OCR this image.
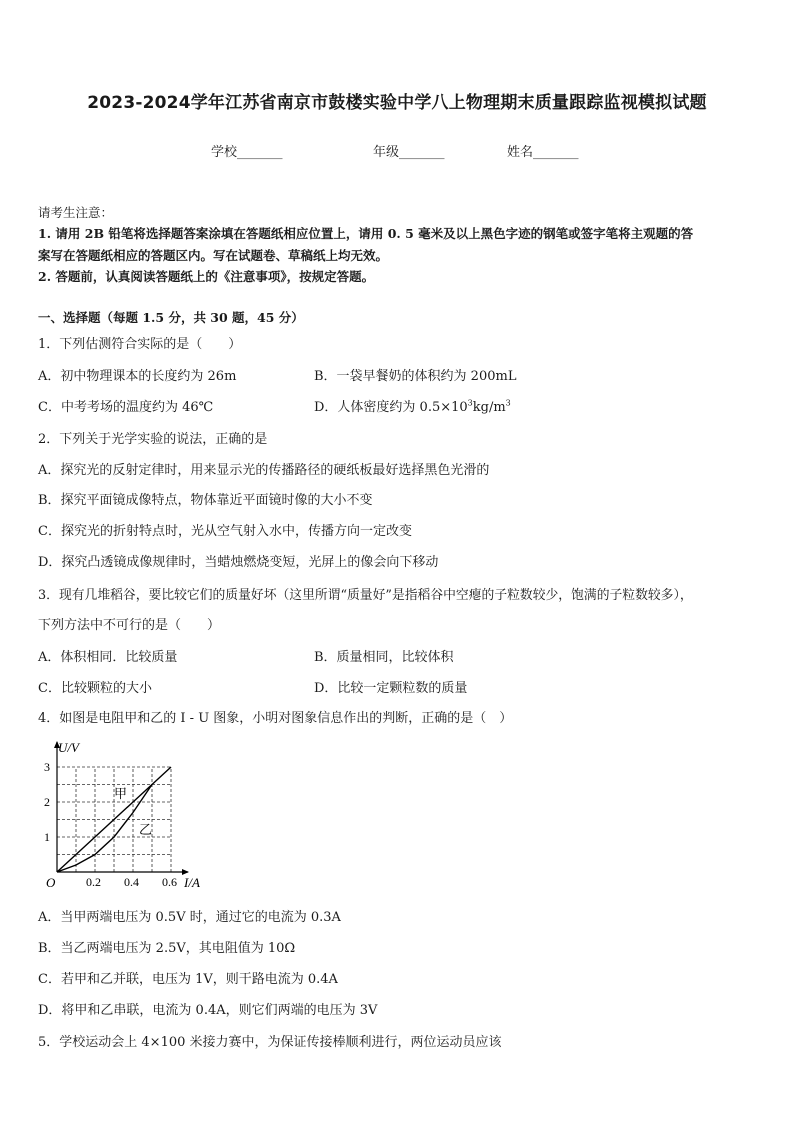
2023-2024学年江苏省南京市鼓楼实验中学八上物理期末质量跟踪监视模拟试题
学校_______	年级_______	姓名_______
请考生注意：
1. 请用 2B 铅笔将选择题答案涂填在答题纸相应位置上，请用 0. 5 毫米及以上黑色字迹的钢笔或签字笔将主观题的答
案写在答题纸相应的答题区内。写在试题卷、草稿纸上均无效。
2. 答题前，认真阅读答题纸上的《注意事项》，按规定答题。
一、选择题（每题 1.5 分，共 30 题，45 分）
1．下列估测符合实际的是（　　）
A．初中物理课本的长度约为 26m	B．一袋早餐奶的体积约为 200mL
C．中考考场的温度约为 46℃	D．人体密度约为 $0.5\times 10^3kg/m^3$
2．下列关于光学实验的说法，正确的是
A．探究光的反射定律时，用来显示光的传播路径的硬纸板最好选择黑色光滑的
B．探究平面镜成像特点，物体靠近平面镜时像的大小不变
C．探究光的折射特点时，光从空气射入水中，传播方向一定改变
D．探究凸透镜成像规律时，当蜡烛燃烧变短，光屏上的像会向下移动
3．现有几堆稻谷，要比较它们的质量好坏（这里所谓“质量好”是指稻谷中空瘪的子粒数较少，饱满的子粒数较多），
下列方法中不可行的是（　　）
A．体积相同．比较质量	B．质量相同，比较体积
C．比较颗粒的大小	D．比较一定颗粒数的质量
4．如图是电阻甲和乙的 I - U 图象，小明对图象信息作出的判断，正确的是（　）
U/V
I/A
O	0.2 0.4 0.6
1
2
3
甲
乙
A．当甲两端电压为 0.5V 时，通过它的电流为 0.3A
B．当乙两端电压为 2.5V，其电阻值为 10Ω
C．若甲和乙并联，电压为 1V，则干路电流为 0.4A
D．将甲和乙串联，电流为 0.4A，则它们两端的电压为 3V
5．学校运动会上 4×100 米接力赛中，为保证传接棒顺利进行，两位运动员应该
